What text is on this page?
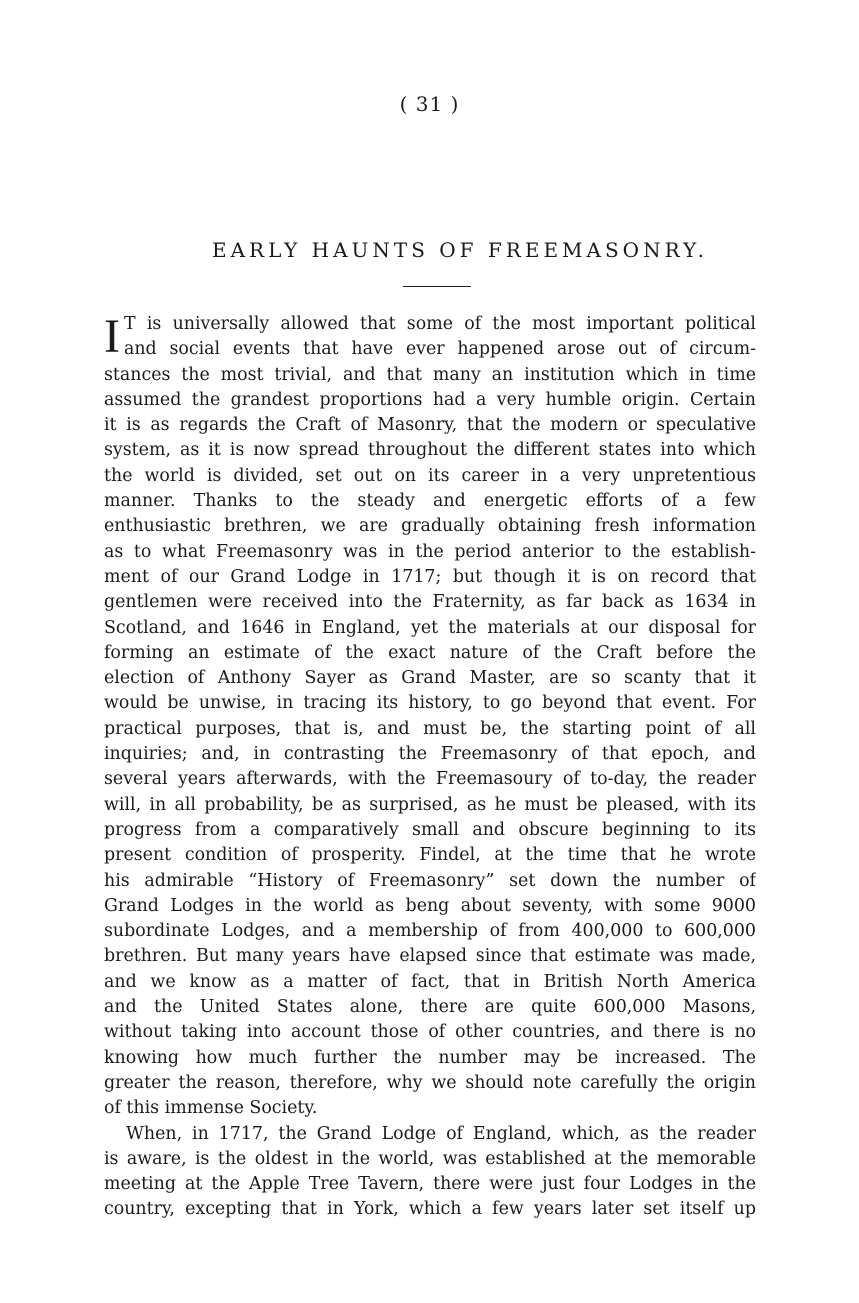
( 31 )
EARLY HAUNTS OF FREEMASONRY.
I T is universally allowed that some of the most important political
and social events that have ever happened arose out of circum-
stances the most trivial, and that many an institution which in time
assumed the grandest proportions had a very humble origin. Certain
it is as regards the Craft of Masonry, that the modern or speculative
system, as it is now spread throughout the different states into which
the world is divided, set out on its career in a very unpretentious
manner. Thanks to the steady and energetic efforts of a few
enthusiastic brethren, we are gradually obtaining fresh information
as to what Freemasonry was in the period anterior to the establish-
ment of our Grand Lodge in 1717; but though it is on record that
gentlemen were received into the Fraternity, as far back as 1634 in
Scotland, and 1646 in England, yet the materials at our disposal for
forming an estimate of the exact nature of the Craft before the
election of Anthony Sayer as Grand Master, are so scanty that it
would be unwise, in tracing its history, to go beyond that event. For
practical purposes, that is, and must be, the starting point of all
inquiries; and, in contrasting the Freemasonry of that epoch, and
several years afterwards, with the Freemasoury of to-day, the reader
will, in all probability, be as surprised, as he must be pleased, with its
progress from a comparatively small and obscure beginning to its
present condition of prosperity. Findel, at the time that he wrote
his admirable “History of Freemasonry” set down the number of
Grand Lodges in the world as beng about seventy, with some 9000
subordinate Lodges, and a membership of from 400,000 to 600,000
brethren. But many years have elapsed since that estimate was made,
and we know as a matter of fact, that in British North America
and the United States alone, there are quite 600,000 Masons,
without taking into account those of other countries, and there is no
knowing how much further the number may be increased. The
greater the reason, therefore, why we should note carefully the origin
of this immense Society.
When, in 1717, the Grand Lodge of England, which, as the reader
is aware, is the oldest in the world, was established at the memorable
meeting at the Apple Tree Tavern, there were just four Lodges in the
country, excepting that in York, which a few years later set itself up
